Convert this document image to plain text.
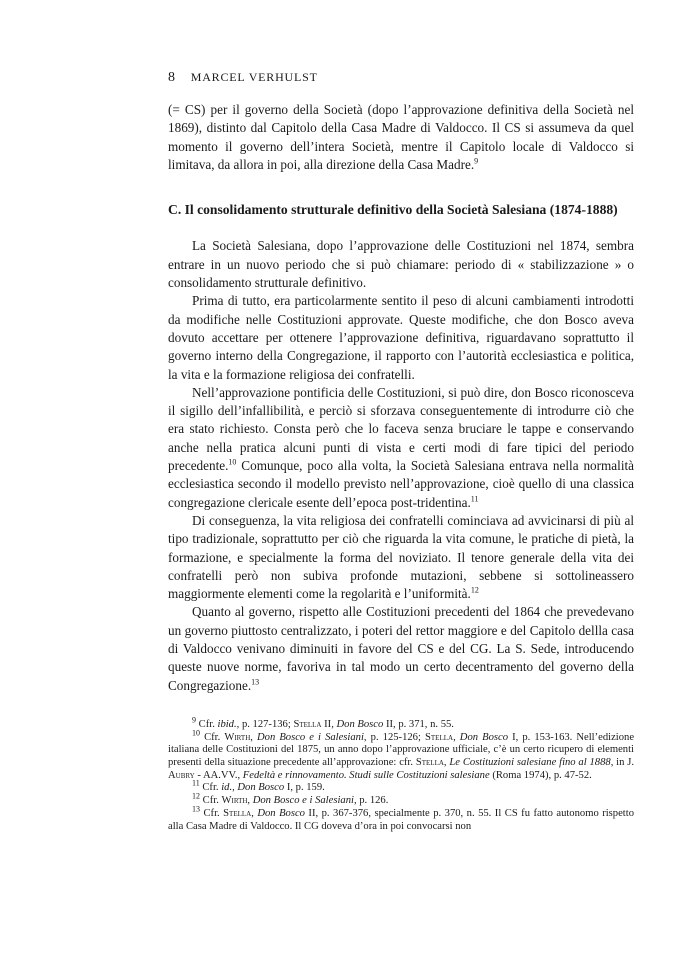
8 MARCEL VERHULST

(= CS) per il governo della Società (dopo l’approvazione definitiva della Società nel 1869), distinto dal Capitolo della Casa Madre di Valdocco. Il CS si assumeva da quel momento il governo dell’intera Società, mentre il Capitolo locale di Valdocco si limitava, da allora in poi, alla direzione della Casa Madre.$^9$

C. Il consolidamento strutturale definitivo della Società Salesiana (1874-1888)

La Società Salesiana, dopo l’approvazione delle Costituzioni nel 1874, sembra entrare in un nuovo periodo che si può chiamare: periodo di « stabilizzazione » o consolidamento strutturale definitivo.

Prima di tutto, era particolarmente sentito il peso di alcuni cambiamenti introdotti da modifiche nelle Costituzioni approvate. Queste modifiche, che don Bosco aveva dovuto accettare per ottenere l’approvazione definitiva, riguardavano soprattutto il governo interno della Congregazione, il rapporto con l’autorità ecclesiastica e politica, la vita e la formazione religiosa dei confratelli.

Nell’approvazione pontificia delle Costituzioni, si può dire, don Bosco riconosceva il sigillo dell’infallibilità, e perciò si sforzava conseguentemente di introdurre ciò che era stato richiesto. Consta però che lo faceva senza bruciare le tappe e conservando anche nella pratica alcuni punti di vista e certi modi di fare tipici del periodo precedente.$^{10}$ Comunque, poco alla volta, la Società Salesiana entrava nella normalità ecclesiastica secondo il modello previsto nell’approvazione, cioè quello di una classica congregazione clericale esente dell’epoca post-tridentina.$^{11}$

Di conseguenza, la vita religiosa dei confratelli cominciava ad avvicinarsi di più al tipo tradizionale, soprattutto per ciò che riguarda la vita comune, le pratiche di pietà, la formazione, e specialmente la forma del noviziato. Il tenore generale della vita dei confratelli però non subiva profonde mutazioni, sebbene si sottolineassero maggiormente elementi come la regolarità e l’uniformità.$^{12}$

Quanto al governo, rispetto alle Costituzioni precedenti del 1864 che prevedevano un governo piuttosto centralizzato, i poteri del rettor maggiore e del Capitolo dellla casa di Valdocco venivano diminuiti in favore del CS e del CG. La S. Sede, introducendo queste nuove norme, favoriva in tal modo un certo decentramento del governo della Congregazione.$^{13}$

$^9$ Cfr. ibid., p. 127-136; Stella II, Don Bosco II, p. 371, n. 55.

$^{10}$ Cfr. Wirth, Don Bosco e i Salesiani, p. 125-126; Stella, Don Bosco I, p. 153-163. Nell’edizione italiana delle Costituzioni del 1875, un anno dopo l’approvazione ufficiale, c’è un certo ricupero di elementi presenti della situazione precedente all’approvazione: cfr. Stella, Le Costituzioni salesiane fino al 1888, in J. Aubry - AA.VV., Fedeltà e rinnovamento. Studi sulle Costituzioni salesiane (Roma 1974), p. 47-52.

$^{11}$ Cfr. id., Don Bosco I, p. 159.

$^{12}$ Cfr. Wirth, Don Bosco e i Salesiani, p. 126.

$^{13}$ Cfr. Stella, Don Bosco II, p. 367-376, specialmente p. 370, n. 55. Il CS fu fatto autonomo rispetto alla Casa Madre di Valdocco. Il CG doveva d’ora in poi convocarsi non
